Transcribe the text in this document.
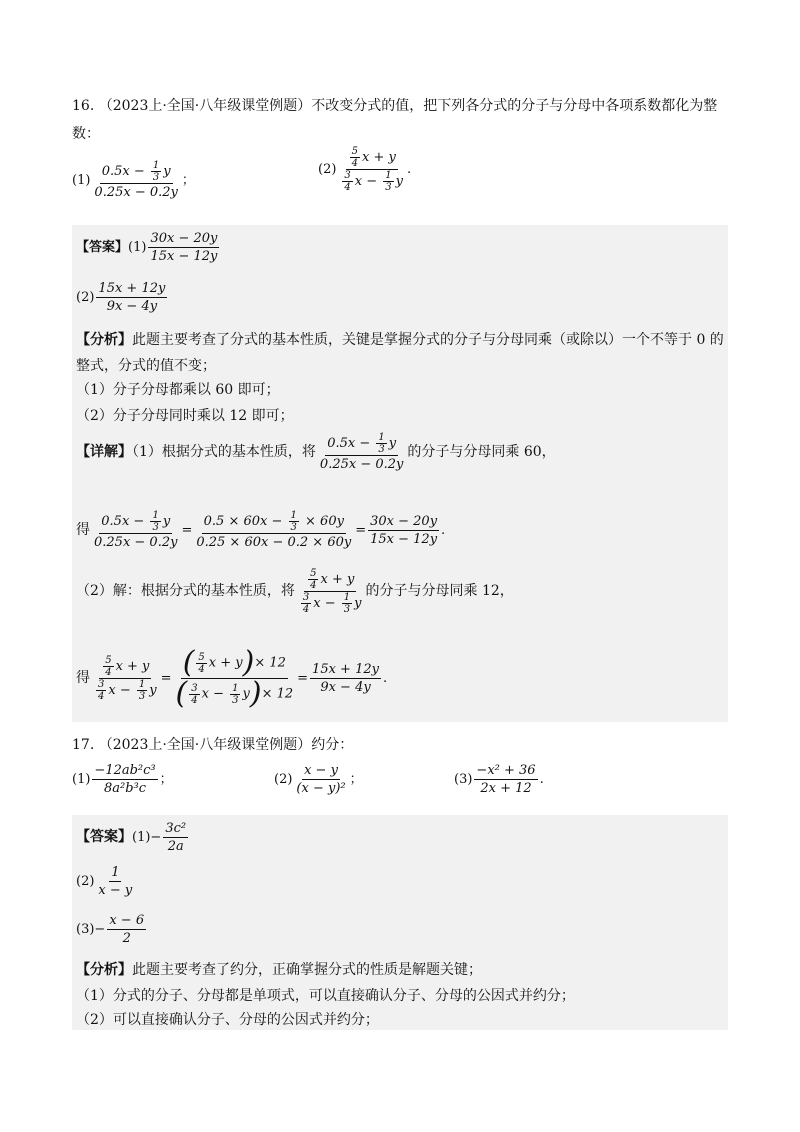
16. （2023上·全国·八年级课堂例题）不改变分式的值，把下列各分式的分子与分母中各项系数都化为整
数：
$(1) \frac{0.5x - \frac{1}{3} y}{0.25x - 0.2y}$ ；
$(2) \frac{\frac{5}{4} x + y}{\frac{3}{4} x - \frac{1}{3} y}$ .
【答案】$(1) \frac{30x - 20y}{15x - 12y}$
$(2) \frac{15x + 12y}{9x - 4y}$
【分析】此题主要考查了分式的基本性质，关键是掌握分式的分子与分母同乘（或除以）一个不等于 0 的
整式，分式的值不变；
（1）分子分母都乘以 60 即可；
（2）分子分母同时乘以 12 即可；
【详解】（1）根据分式的基本性质，将 $\frac{0.5x - \frac{1}{3} y}{0.25x - 0.2y}$ 的分子与分母同乘 60，
得 $\frac{0.5x - \frac{1}{3} y}{0.25x - 0.2y} = \frac{0.5 \times 60x - \frac{1}{3} \times 60y}{0.25 \times 60x - 0.2 \times 60y} = \frac{30x - 20y}{15x - 12y}$ .
（2）解：根据分式的基本性质，将 $\frac{\frac{5}{4} x + y}{\frac{3}{4} x - \frac{1}{3} y}$ 的分子与分母同乘 12，
得 $\frac{\frac{5}{4} x + y}{\frac{3}{4} x - \frac{1}{3} y} = \frac{( \frac{5}{4} x + y)\times 12}{( \frac{3}{4} x - \frac{1}{3} y)\times 12} = \frac{15x + 12y}{9x - 4y}$ .
17. （2023上·全国·八年级课堂例题）约分：
$(1) \frac{\text{−12ab²c³}}{\text{8a²b³c}}$ ；	$(2) \frac{x - y}{\text{(x − y)²}}$ ；	$(3) \frac{\text{−x² + 36}}{2x + 12}$ .
【答案】$(1)- \frac{\text{3c²}}{2a}$
$(2) \frac{1}{x - y}$
$(3)- \frac{x - 6}{2}$
【分析】此题主要考查了约分，正确掌握分式的性质是解题关键；
（1）分式的分子、分母都是单项式，可以直接确认分子、分母的公因式并约分；
（2）可以直接确认分子、分母的公因式并约分；
